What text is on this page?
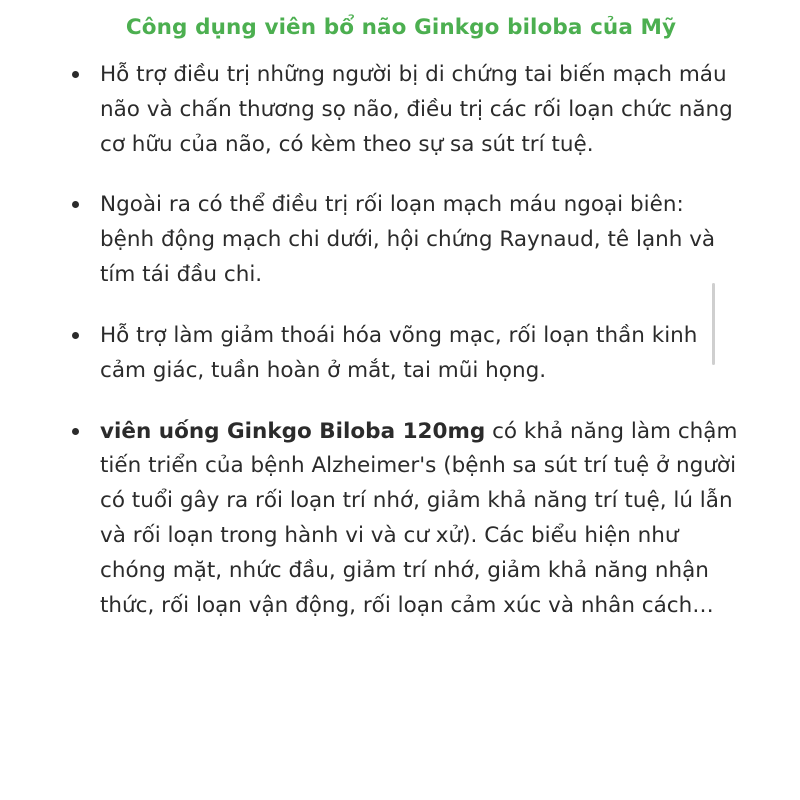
Công dụng viên bổ não Ginkgo biloba của Mỹ
Hỗ trợ điều trị những người bị di chứng tai biến mạch máu não và chấn thương sọ não, điều trị các rối loạn chức năng cơ hữu của não, có kèm theo sự sa sút trí tuệ.
Ngoài ra có thể điều trị rối loạn mạch máu ngoại biên: bệnh động mạch chi dưới, hội chứng Raynaud, tê lạnh và tím tái đầu chi.
Hỗ trợ làm giảm thoái hóa võng mạc, rối loạn thần kinh cảm giác, tuần hoàn ở mắt, tai mũi họng.
viên uống Ginkgo Biloba 120mg có khả năng làm chậm tiến triển của bệnh Alzheimer's (bệnh sa sút trí tuệ ở người có tuổi gây ra rối loạn trí nhớ, giảm khả năng trí tuệ, lú lẫn và rối loạn trong hành vi và cư xử). Các biểu hiện như chóng mặt, nhức đầu, giảm trí nhớ, giảm khả năng nhận thức, rối loạn vận động, rối loạn cảm xúc và nhân cách…
